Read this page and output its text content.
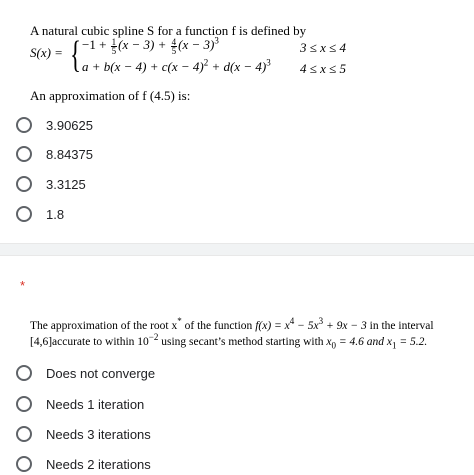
A natural cubic spline S for a function f is defined by
S(x) = { $-1 + \frac{1}{5} (x - 3) + \frac{4}{5} (x - 3)^3$	3 ≤ x ≤ 4
$a + b(x - 4) + c(x - 4)^2 + d(x - 4)^3$ 4 ≤ x ≤ 5
An approximation of f (4.5) is:
3.90625
8.84375
3.3125
1.8
*
The approximation of the root x* of the function $f(x) = x^4 - 5x^3 + 9x - 3$ in the interval
[4,6]accurate to within $10^{-2}$ using secant’s method starting with $x_0 = 4.6$ and $x_1 = 5.2$.
Does not converge
Needs 1 iteration
Needs 3 iterations
Needs 2 iterations
